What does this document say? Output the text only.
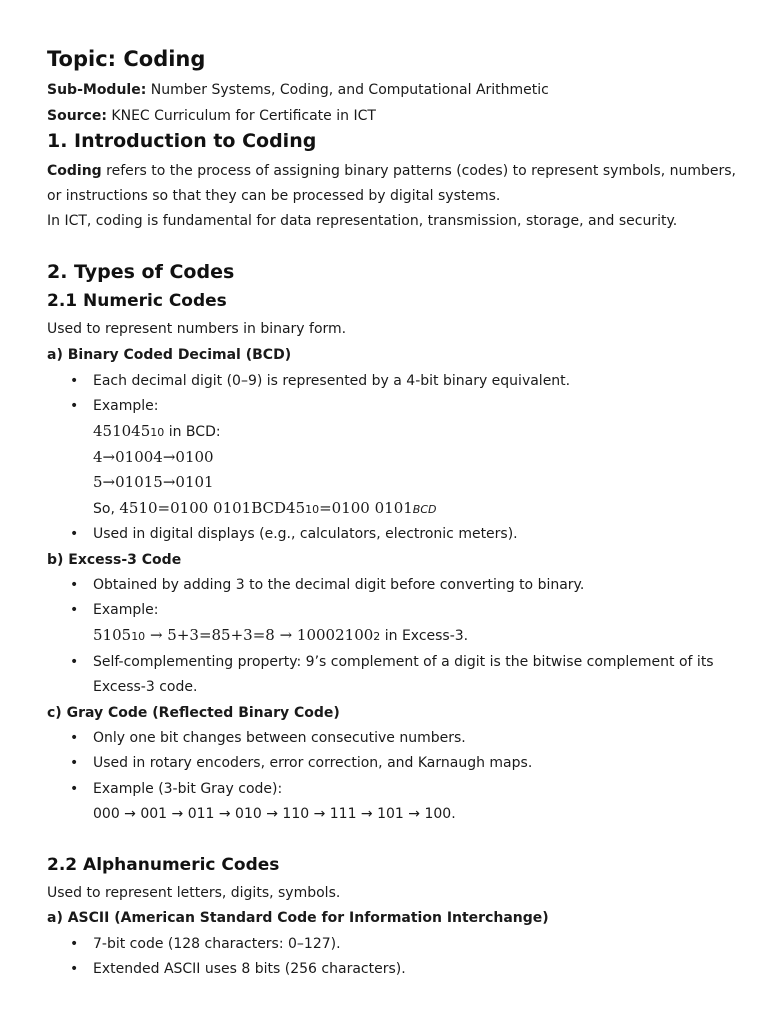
Topic: Coding
Sub-Module: Number Systems, Coding, and Computational Arithmetic
Source: KNEC Curriculum for Certificate in ICT
1. Introduction to Coding
Coding refers to the process of assigning binary patterns (codes) to represent symbols, numbers,
or instructions so that they can be processed by digital systems.
In ICT, coding is fundamental for data representation, transmission, storage, and security.
2. Types of Codes
2.1 Numeric Codes
Used to represent numbers in binary form.
a) Binary Coded Decimal (BCD)
• Each decimal digit (0–9) is represented by a 4-bit binary equivalent.
• Example:
45104510 in BCD:
4→01004→0100
5→01015→0101
So, 4510=0100 0101BCD4510=0100 0101BCD
• Used in digital displays (e.g., calculators, electronic meters).
b) Excess-3 Code
• Obtained by adding 3 to the decimal digit before converting to binary.
• Example:
510510 → 5+3=85+3=8 → 100021002 in Excess-3.
• Self-complementing property: 9’s complement of a digit is the bitwise complement of its
Excess-3 code.
c) Gray Code (Reflected Binary Code)
• Only one bit changes between consecutive numbers.
• Used in rotary encoders, error correction, and Karnaugh maps.
• Example (3-bit Gray code):
000 → 001 → 011 → 010 → 110 → 111 → 101 → 100.
2.2 Alphanumeric Codes
Used to represent letters, digits, symbols.
a) ASCII (American Standard Code for Information Interchange)
• 7-bit code (128 characters: 0–127).
• Extended ASCII uses 8 bits (256 characters).
